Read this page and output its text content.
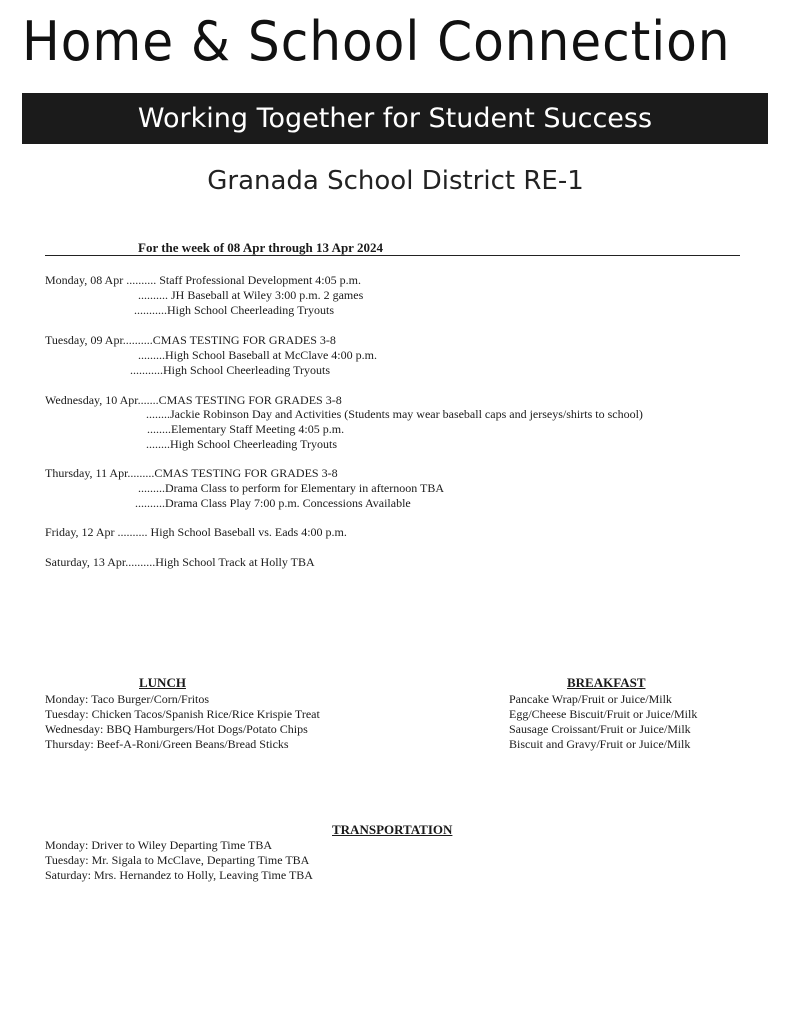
Home & School Connection
Working Together for Student Success
Granada School District RE-1
For the week of 08 Apr through 13 Apr 2024
Monday, 08 Apr .......... Staff Professional Development 4:05 p.m.
.......... JH Baseball at Wiley 3:00 p.m. 2 games
...........High School Cheerleading Tryouts
Tuesday, 09 Apr..........CMAS TESTING FOR GRADES 3-8
.........High School Baseball at McClave 4:00 p.m.
...........High School Cheerleading Tryouts
Wednesday, 10 Apr.......CMAS TESTING FOR GRADES 3-8
........Jackie Robinson Day and Activities (Students may wear baseball caps and jerseys/shirts to school)
........Elementary Staff Meeting 4:05 p.m.
........High School Cheerleading Tryouts
Thursday, 11 Apr.........CMAS TESTING FOR GRADES 3-8
.........Drama Class to perform for Elementary in afternoon TBA
..........Drama Class Play 7:00 p.m. Concessions Available
Friday, 12 Apr .......... High School Baseball vs. Eads 4:00 p.m.
Saturday, 13 Apr..........High School Track at Holly TBA
LUNCH
Monday: Taco Burger/Corn/Fritos
Tuesday: Chicken Tacos/Spanish Rice/Rice Krispie Treat
Wednesday: BBQ Hamburgers/Hot Dogs/Potato Chips
Thursday: Beef-A-Roni/Green Beans/Bread Sticks
BREAKFAST
Pancake Wrap/Fruit or Juice/Milk
Egg/Cheese Biscuit/Fruit or Juice/Milk
Sausage Croissant/Fruit or Juice/Milk
Biscuit and Gravy/Fruit or Juice/Milk
TRANSPORTATION
Monday: Driver to Wiley Departing Time TBA
Tuesday: Mr. Sigala to McClave, Departing Time TBA
Saturday: Mrs. Hernandez to Holly, Leaving Time TBA
